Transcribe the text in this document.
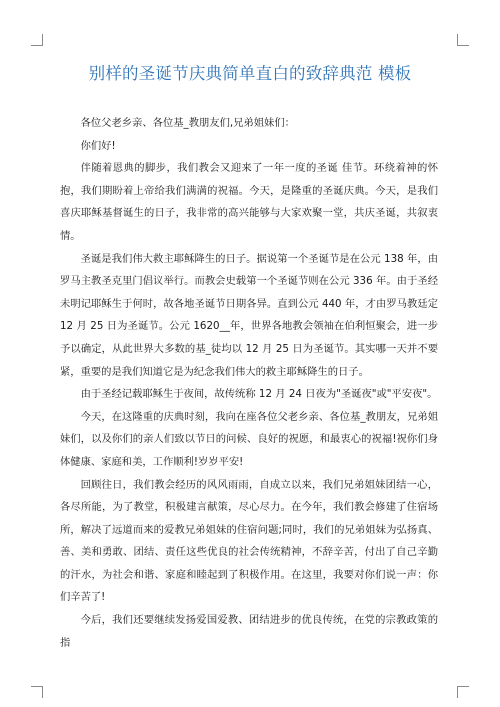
别样的圣诞节庆典简单直白的致辞典范 模板

各位父老乡亲、各位基_教朋友们,兄弟姐妹们：

你们好!

伴随着恩典的脚步，我们教会又迎来了一年一度的圣诞 佳节。环绕着神的怀抱，我们期盼着上帝给我们满满的祝福。今天，是隆重的圣诞庆典。今天，是我们喜庆耶稣基督诞生的日子，我非常的高兴能够与大家欢聚一堂，共庆圣诞，共叙衷情。

圣诞是我们伟大救主耶稣降生的日子。据说第一个圣诞节是在公元 138 年，由罗马主教圣克里门倡议举行。而教会史载第一个圣诞节则在公元 336 年。由于圣经未明记耶稣生于何时，故各地圣诞节日期各异。直到公元 440 年，才由罗马教廷定 12 月 25 日为圣诞节。公元 1620__年，世界各地教会领袖在伯利恒聚会，进一步予以确定，从此世界大多数的基_徒均以 12 月 25 日为圣诞节。其实哪一天并不要紧，重要的是我们知道它是为纪念我们伟大的救主耶稣降生的日子。

由于圣经记载耶稣生于夜间，故传统称 12 月 24 日夜为"圣诞夜"或"平安夜"。

今天，在这隆重的庆典时刻，我向在座各位父老乡亲、各位基_教朋友，兄弟姐妹们，以及你们的亲人们致以节日的问候、良好的祝愿，和最衷心的祝福!祝你们身体健康、家庭和美，工作顺利!岁岁平安!

回顾往日，我们教会经历的风风雨雨，自成立以来，我们兄弟姐妹团结一心，各尽所能，为了教堂，积极建言献策，尽心尽力。在今年，我们教会修建了住宿场所，解决了远道而来的爱教兄弟姐妹的住宿问题;同时，我们的兄弟姐妹为弘扬真、善、美和勇敢、团结、责任这些优良的社会传统精神，不辞辛苦，付出了自己辛勤的汗水，为社会和谐、家庭和睦起到了积极作用。在这里，我要对你们说一声：你们辛苦了!

今后，我们还要继续发扬爱国爱教、团结进步的优良传统，在党的宗教政策的指
